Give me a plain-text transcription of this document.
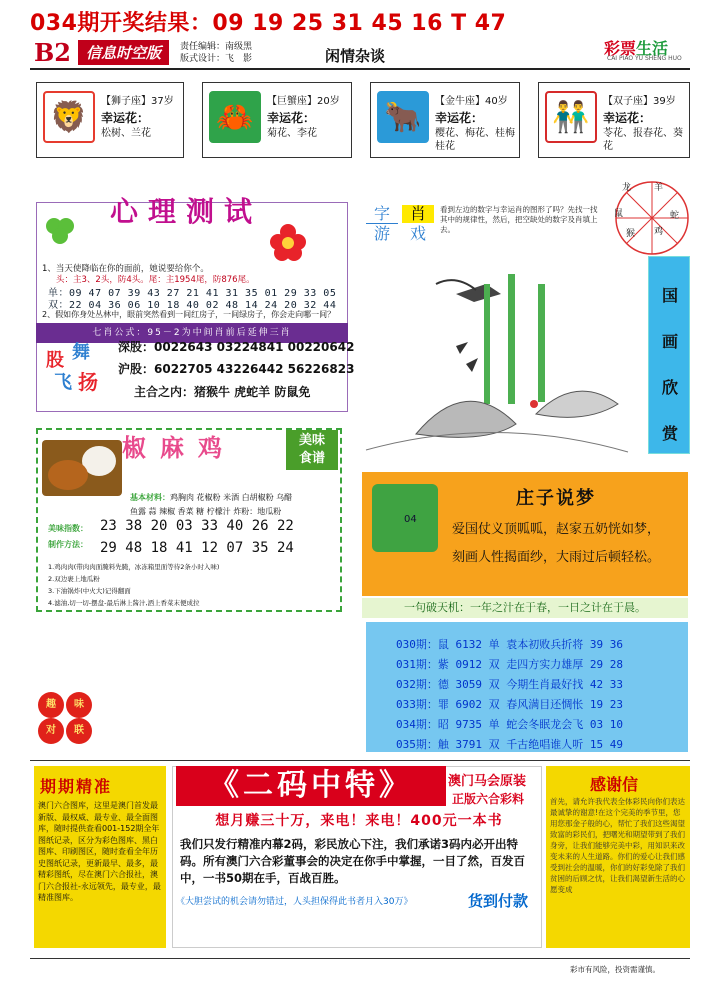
034期开奖结果：09 19 25 31 45 16 T 47
B2	信息时空版	责任编辑：南级黑
版式设计：飞　影	闲情杂谈	彩票生活
CAI PIAO YU SHENG HUO
🦁	【狮子座】37岁
幸运花：
松树、兰花	🦀	【巨蟹座】20岁
幸运花：
菊花、李花	🐂	【金牛座】40岁
幸运花：
樱花、梅花、桂梅桂花
👬	【双子座】39岁
幸运花：
苓花、报春花、葵花
心理测试
1、当天使降临在你的面前，她说要给你个。
头：主3、2头，防4头。尾：主1954尾，防876尾。
单：09 47 07 39 43 27 21 41 31 35 01 29 33 05
双：22 04 36 06 10 18 40 02 48 14 24 20 32 44
2、假如你身处丛林中，眼前突然看到一间红房子，一间绿房子，你会走向哪一间？
七肖公式：95－2为中间肖前后延伸三肖
股 舞
飞 扬
深股：0022643 03224841 00220642
沪股：6022705 43226442 56226823
主合之内：猪猴牛 虎蛇羊 防鼠免
字	肖
游	戏
看到左边的数字与幸运肖的图形了吗？先找一找其中的规律性，然后，把空缺处的数字及肖填上去。
龙	羊
蛇
鸡
猴
鼠
国
画
欣
赏
椒麻鸡	美味
食谱
基本材料：鸡胸肉 花椒粉 米酒 白胡椒粉 乌醋
鱼露 蒜 辣椒 香菜 糖 柠檬汁 炸粉：地瓜粉
美味指数：
制作方法：
23 38 20 03 33 40 26 22
29 48 18 41 12 07 35 24
1.鸡肉肉(带肉肉面腌料先腌，冰冻箱里面等待2条小时入味)
2.双边裹上地瓜粉
3.下油锅炸(中火大)记得翻面
4.滤油,切一切-摆盘-最后淋上酱汁,洒上香菜末便成拉
趣	味
对	联
04
庄子说梦
爱国仗义顶呱呱，赵家五奶恍如梦，
刻画人性揭面纱，大雨过后顿轻松。
一句破天机：一年之汁在于春，一日之计在于晨。
030期：鼠 6132 单 袁本初败兵折将 39 36
031期：紫 0912 双 走四方实力雄厚 29 28
032期：德 3059 双 今期生肖最好找 42 33
033期：罪 6902 双 春风满目还惆怅 19 23
034期：昭 9735 单 蛇会冬眠龙会飞 03 10
035期：触 3791 双 千古绝唱谁人听 15 49
期期精准
澳门六合图库，这里是澳门首发最新版、最权威、最专业、最全面图库，随时提供查看001-152期全年图纸记录，区分为彩色图库、黑白图库、印刷图区，随时查看全年历史图纸记录，更新最早、最多，最精彩图纸，尽在澳门六合报社，澳门六合报社-永远领先，最专业，最精准图库。
《二码中特》	澳门马会原装
正版六合彩料
想月赚三十万，来电！来电！400元一本书
我们只发行精准内幕2码，彩民放心下注，我们承诺3码内必开出特码。所有澳门六合彩董事会的决定在你手中掌握，一目了然，百发百中，一书50期在手，百战百胜。
《大胆尝试的机会请勿错过，人头担保得此书者月入30万》	货到付款
感谢信
首先，请允许我代表全体彩民向你们表达最诚挚的谢意!在这个完美的季节里，您用您那金子般的心，帮忙了我们这些渴望致富的彩民们，把曙光和期望带到了我们身旁，让我们能够完美中彩，用知识来改变未来的人生道路。你们的爱心让我们感受到社会的温暖，你们的好彩免除了我们贫困的后顾之忧，让我们渴望新生活的心愿变成
彩市有风险，投资需谨慎。
